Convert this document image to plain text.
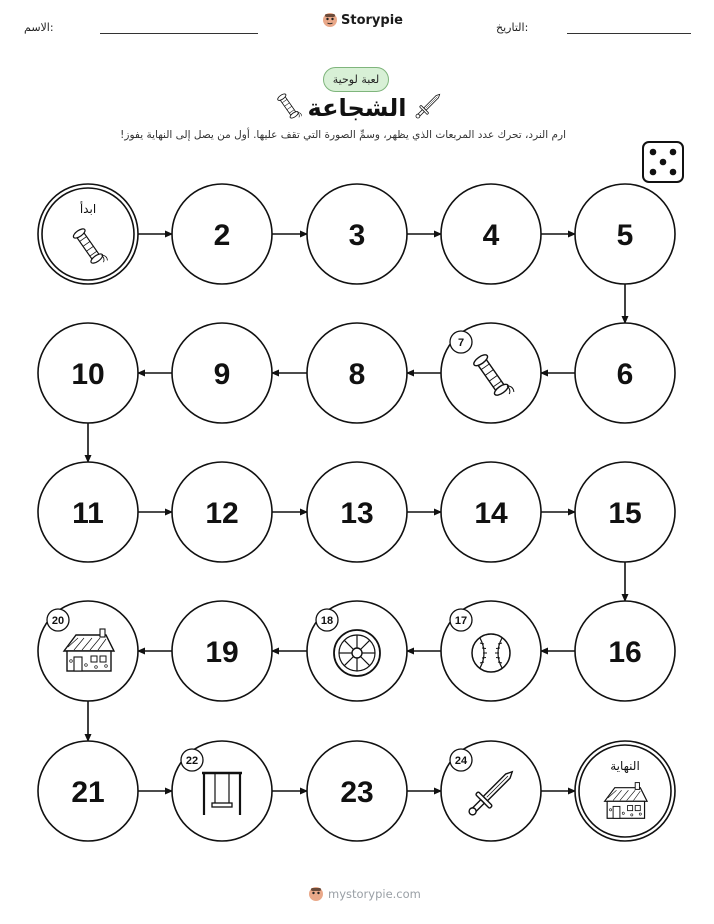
الاسم:	Storypie	التاريخ:
لعبة لوحية
الشجاعة
ارم النرد، تحرك عدد المربعات الذي يظهر، وسمِّ الصورة التي تقف عليها. أول من يصل إلى النهاية يفوز!
ابدأ
2	3	4	5
6
7
8
9
10
11	12	13	14	15
16
17
18
19
20
21
22
23
24	النهاية
mystorypie.com
